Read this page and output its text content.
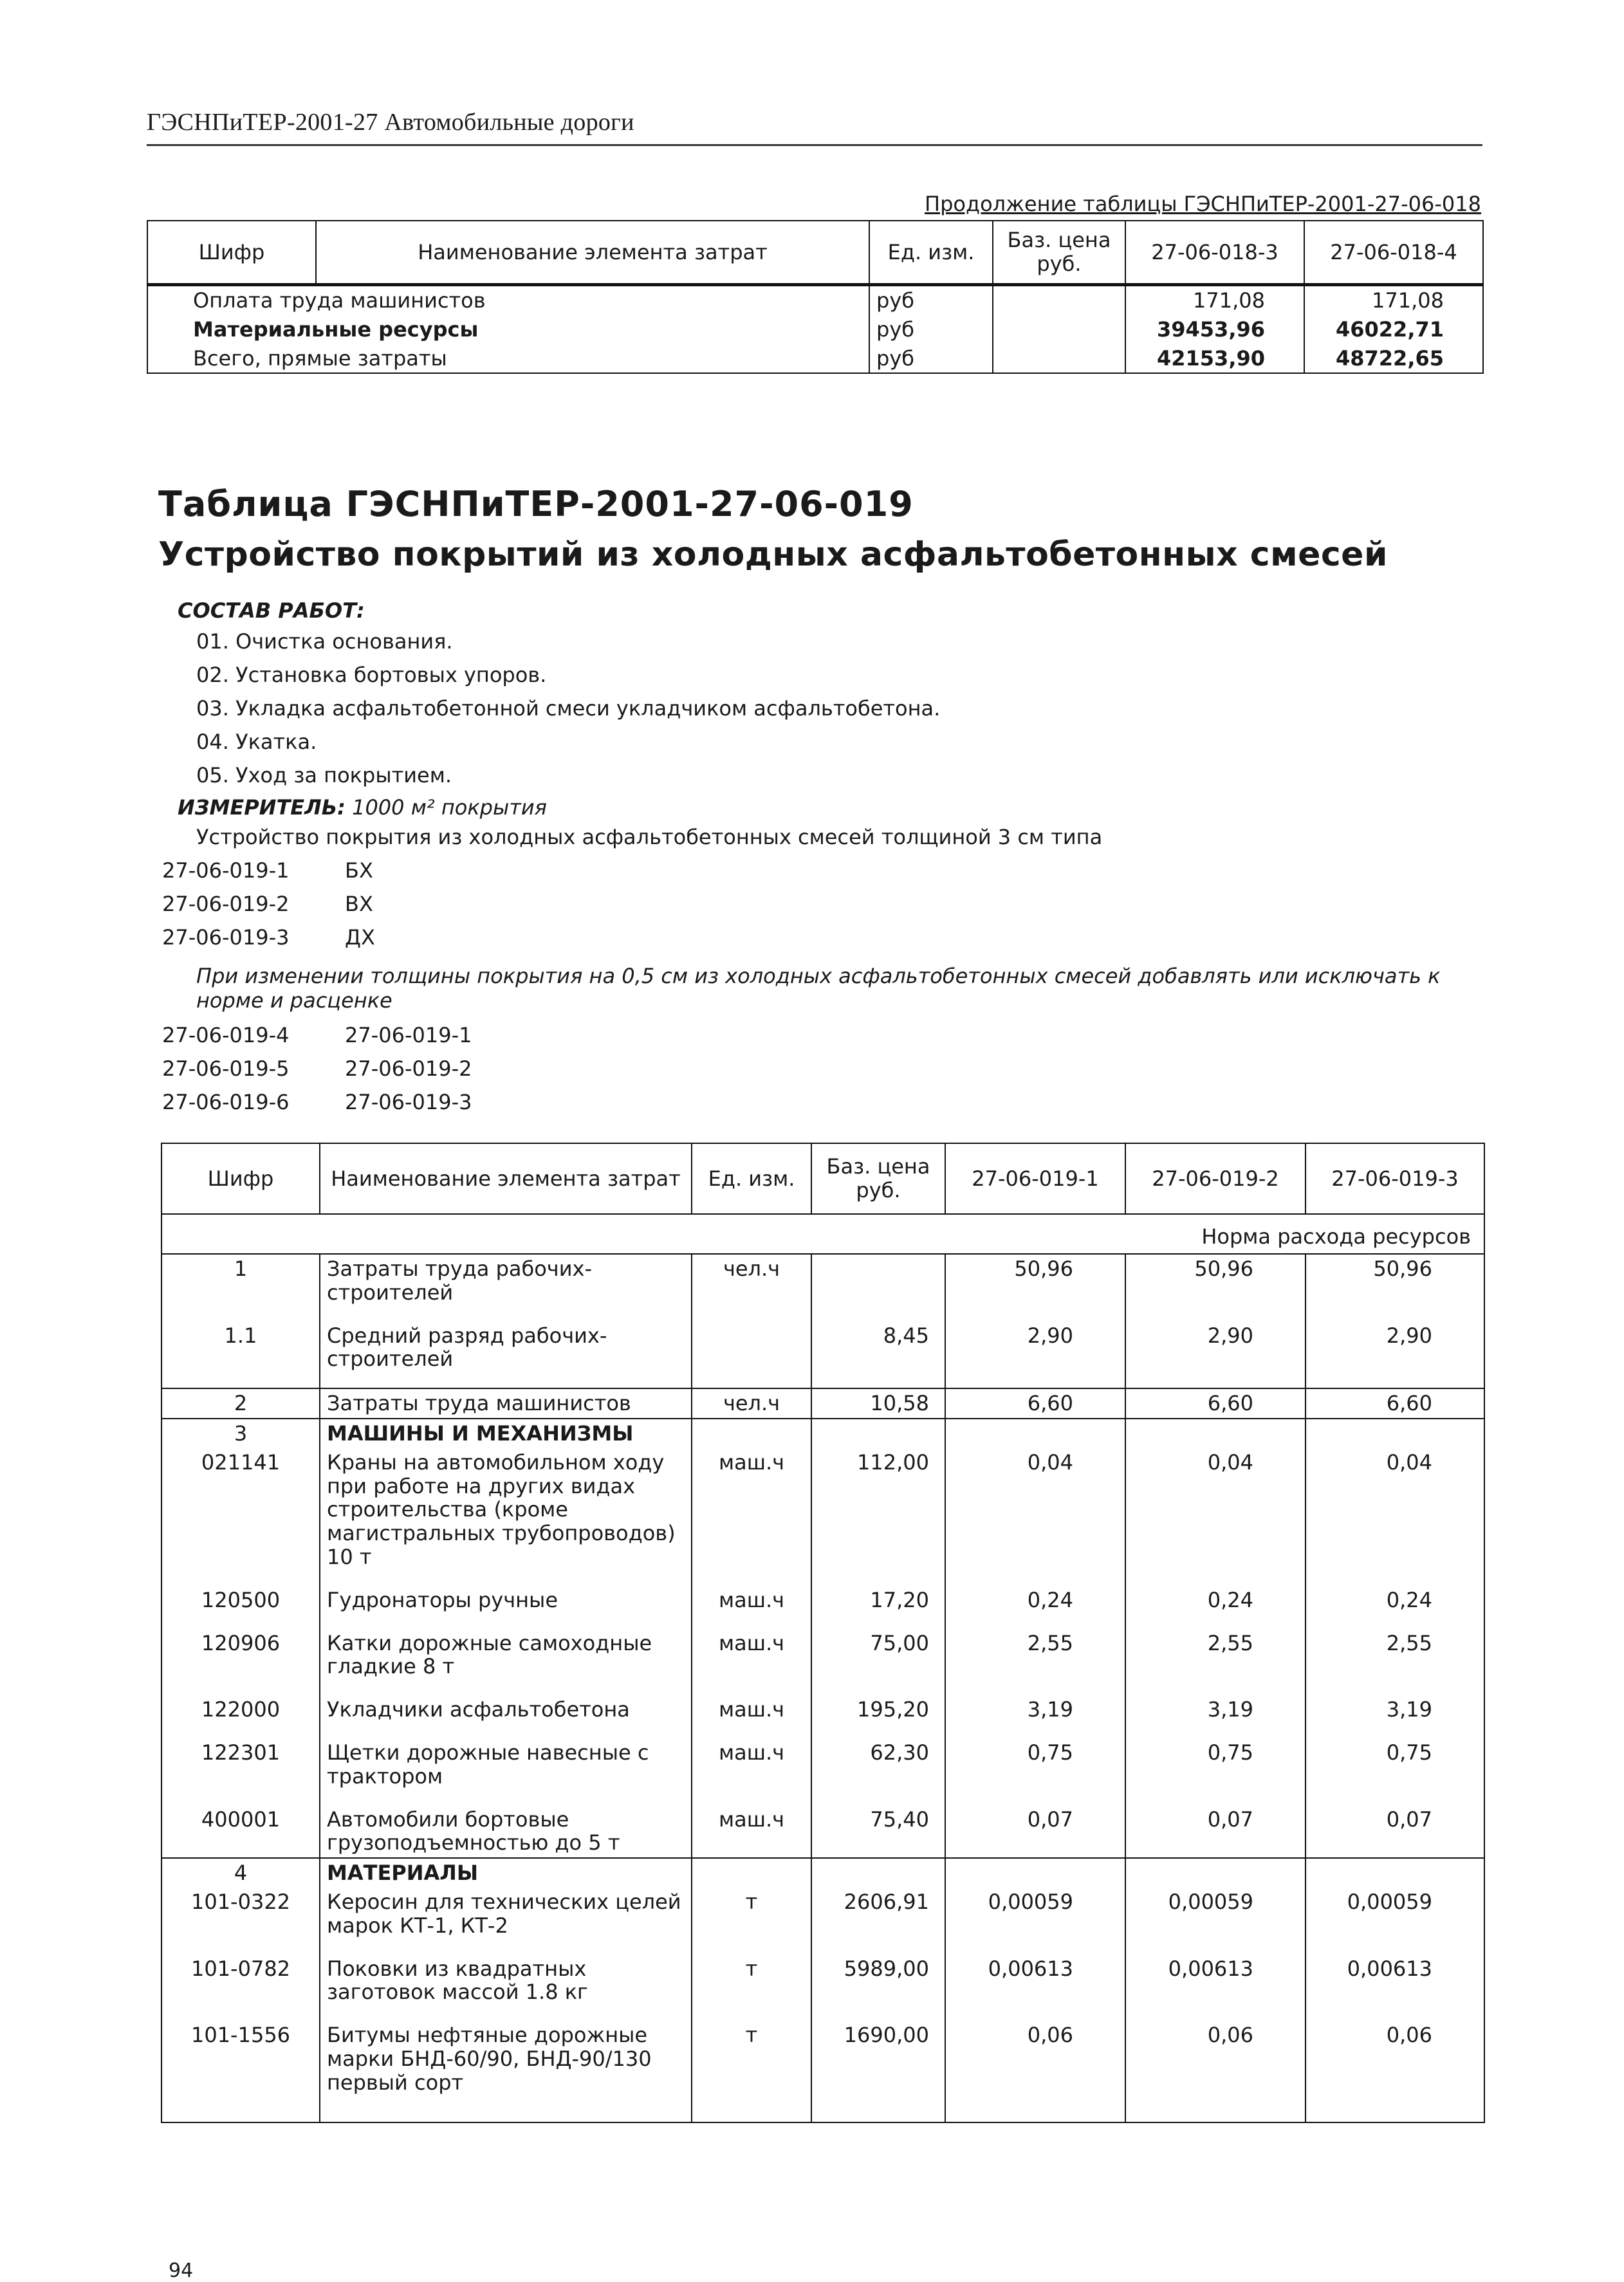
ГЭСНПиТЕР-2001-27 Автомобильные дороги
Продолжение таблицы ГЭСНПиТЕР-2001-27-06-018
Шифр	Наименование элемента затрат	Ед. изм.	Баз. цена руб.	27-06-018-3	27-06-018-4

Оплата труда машинистов		руб		171,08	171,08
Материальные ресурсы		руб		39453,96	46022,71
Всего, прямые затраты		руб		42153,90	48722,65
Таблица ГЭСНПиТЕР-2001-27-06-019
Устройство покрытий из холодных асфальтобетонных смесей
СОСТАВ РАБОТ:
01. Очистка основания.
02. Установка бортовых упоров.
03. Укладка асфальтобетонной смеси укладчиком асфальтобетона.
04. Укатка.
05. Уход за покрытием.
ИЗМЕРИТЕЛЬ: 1000 м² покрытия
Устройство покрытия из холодных асфальтобетонных смесей толщиной 3 см типа
27-06-019-1	БХ
27-06-019-2	ВХ
27-06-019-3	ДХ
При изменении толщины покрытия на 0,5 см из холодных асфальтобетонных смесей добавлять или исключать к норме и расценке
27-06-019-4	27-06-019-1
27-06-019-5	27-06-019-2
27-06-019-6	27-06-019-3
Шифр	Наименование элемента затрат	Ед. изм.	Баз. цена руб.	27-06-019-1	27-06-019-2	27-06-019-3
Норма расхода ресурсов						
1	Затраты труда рабочих-строителей	чел.ч		50,96	50,96	50,96
1.1	Средний разряд рабочих-строителей		8,45	2,90	2,90	2,90
2	Затраты труда машинистов	чел.ч	10,58	6,60	6,60	6,60
3	МАШИНЫ И МЕХАНИЗМЫ					
021141	Краны на автомобильном ходу при работе на других видах строительства (кроме магистральных трубопроводов) 10 т	маш.ч	112,00	0,04	0,04	0,04
120500	Гудронаторы ручные	маш.ч	17,20	0,24	0,24	0,24
120906	Катки дорожные самоходные гладкие 8 т	маш.ч	75,00	2,55	2,55	2,55
122000	Укладчики асфальтобетона	маш.ч	195,20	3,19	3,19	3,19
122301	Щетки дорожные навесные с трактором	маш.ч	62,30	0,75	0,75	0,75
400001	Автомобили бортовые грузоподъемностью до 5 т	маш.ч	75,40	0,07	0,07	0,07
4	МАТЕРИАЛЫ					
101-0322	Керосин для технических целей марок КТ-1, КТ-2	т	2606,91	0,00059	0,00059	0,00059
101-0782	Поковки из квадратных заготовок массой 1.8 кг	т	5989,00	0,00613	0,00613	0,00613
101-1556	Битумы нефтяные дорожные марки БНД-60/90, БНД-90/130 первый сорт	т	1690,00	0,06	0,06	0,06

94
